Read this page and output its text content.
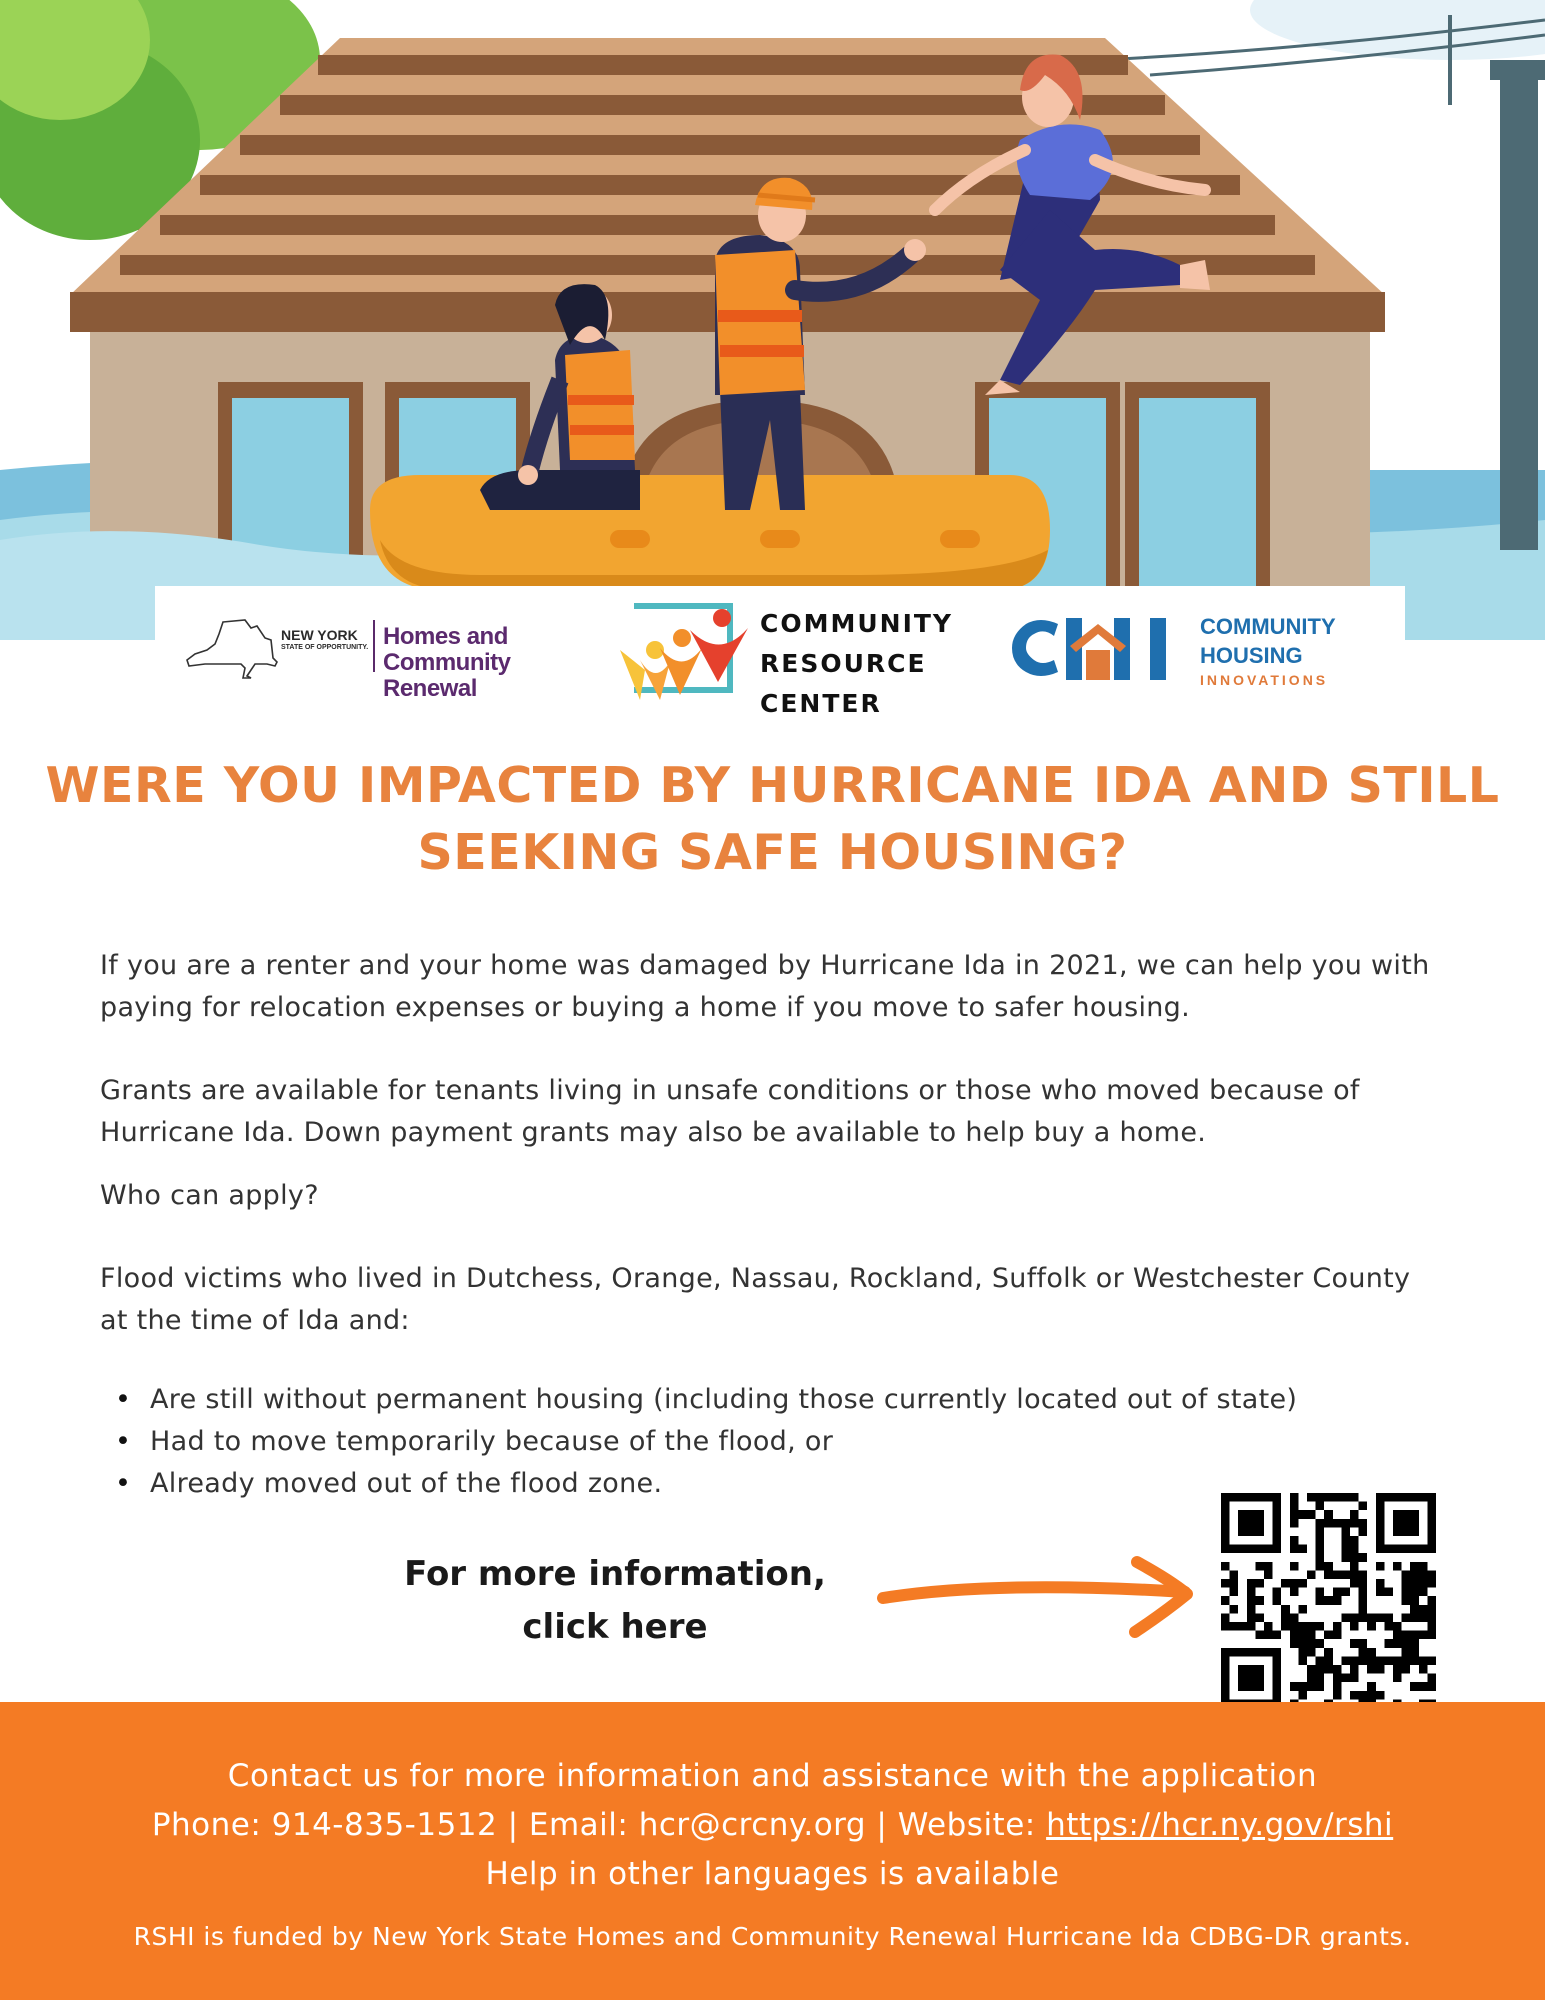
NEW YORK
STATE OF OPPORTUNITY. Homes and
Community Renewal
COMMUNITY
RESOURCE
CENTER
COMMUNITY
HOUSING
INNOVATIONS
WERE YOU IMPACTED BY HURRICANE IDA AND STILL
SEEKING SAFE HOUSING?

If you are a renter and your home was damaged by Hurricane Ida in 2021, we can help you with
paying for relocation expenses or buying a home if you move to safer housing.

Grants are available for tenants living in unsafe conditions or those who moved because of
Hurricane Ida. Down payment grants may also be available to help buy a home.

Who can apply?

Flood victims who lived in Dutchess, Orange, Nassau, Rockland, Suffolk or Westchester County
at the time of Ida and:

• Are still without permanent housing (including those currently located out of state)
• Had to move temporarily because of the flood, or
• Already moved out of the flood zone.

For more information,
click here

Contact us for more information and assistance with the application

Phone: 914-835-1512 | Email: hcr@crcny.org | Website: https://hcr.ny.gov/rshi

Help in other languages is available

RSHI is funded by New York State Homes and Community Renewal Hurricane Ida CDBG-DR grants.
